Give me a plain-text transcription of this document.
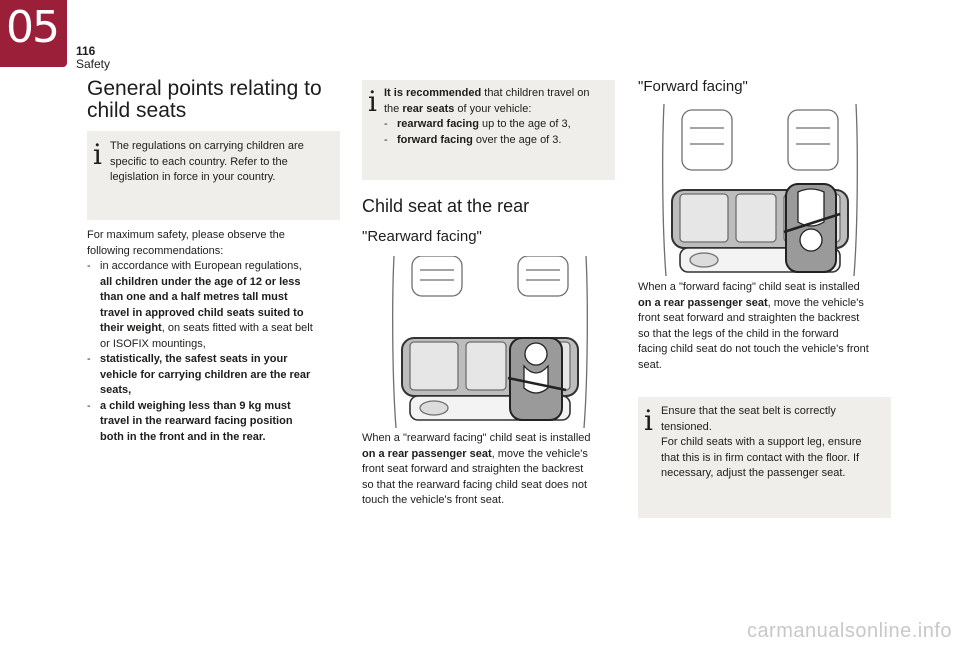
05 116
Safety
General points relating to
child seats
i The regulations on carrying children are
specific to each country. Refer to the
legislation in force in your country.
For maximum safety, please observe the
following recommendations:
- in accordance with European regulations,
all children under the age of 12 or less
than one and a half metres tall must
travel in approved child seats suited to
their weight, on seats fitted with a seat belt
or ISOFIX mountings,
- statistically, the safest seats in your
vehicle for carrying children are the rear
seats,
- a child weighing less than 9 kg must
travel in the rearward facing position
both in the front and in the rear.
i It is recommended that children travel on
the rear seats of your vehicle:
- rearward facing up to the age of 3,
- forward facing over the age of 3.
Child seat at the rear
"Rearward facing"
When a "rearward facing" child seat is installed
on a rear passenger seat, move the vehicle's
front seat forward and straighten the backrest
so that the rearward facing child seat does not
touch the vehicle's front seat.
"Forward facing"
When a "forward facing" child seat is installed
on a rear passenger seat, move the vehicle's
front seat forward and straighten the backrest
so that the legs of the child in the forward
facing child seat do not touch the vehicle's front
seat.
i Ensure that the seat belt is correctly
tensioned.
For child seats with a support leg, ensure
that this is in firm contact with the floor. If
necessary, adjust the passenger seat.
carmanualsonline.info
